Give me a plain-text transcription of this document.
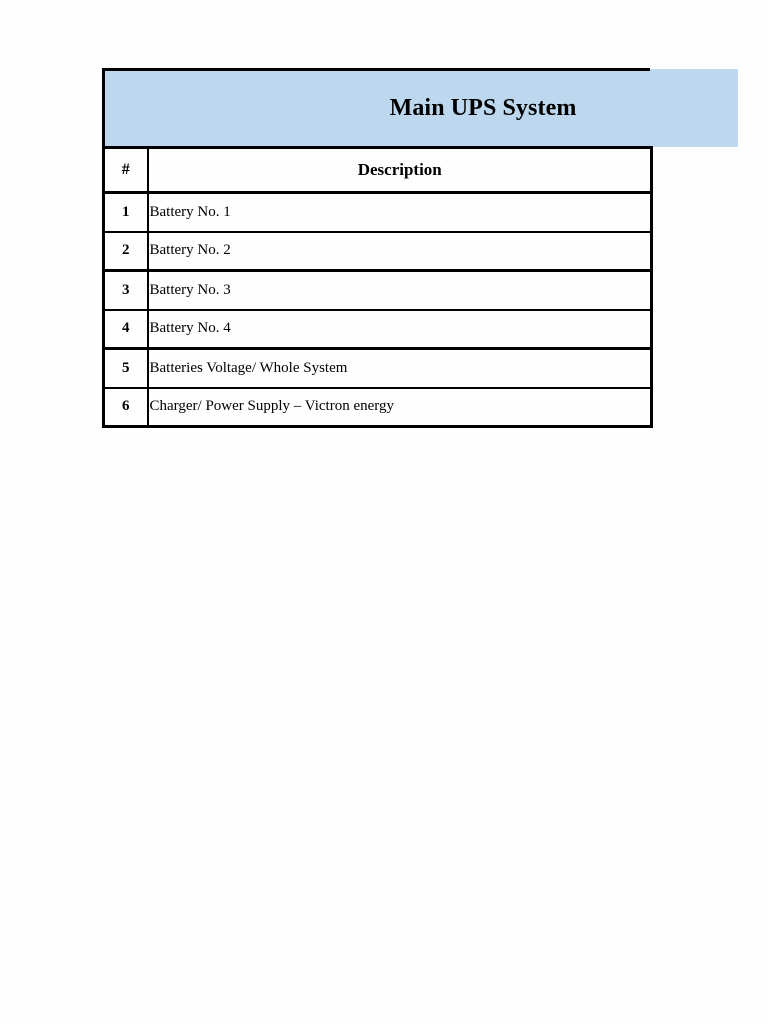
Main UPS System
#	Description
1	Battery No. 1
2	Battery No. 2
3	Battery No. 3
4	Battery No. 4
5	Batteries Voltage/ Whole System
6	Charger/ Power Supply – Victron energy
